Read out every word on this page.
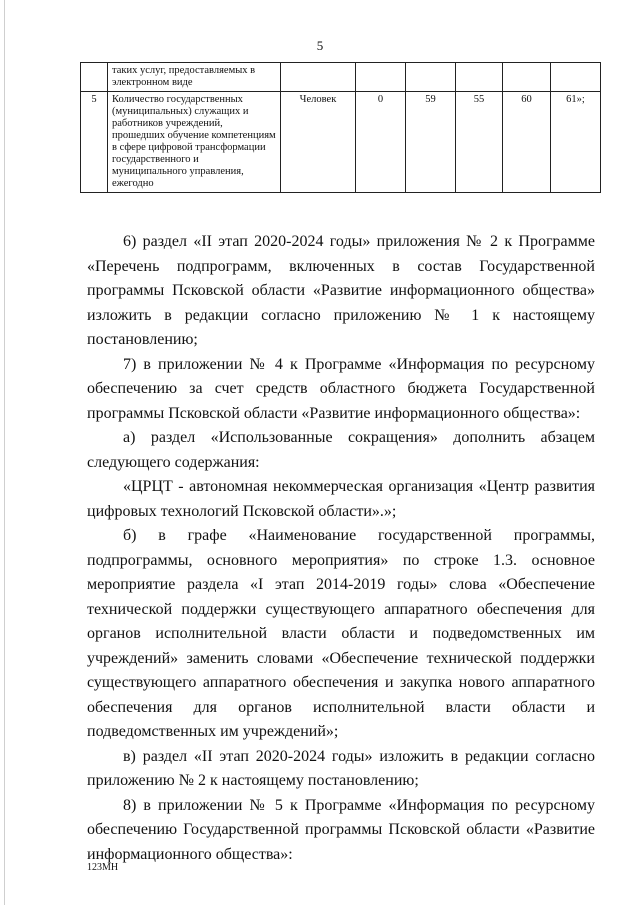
5
	таких услуг, предоставляемых в электронном виде						
5	Количество государственных (муниципальных) служащих и работников учреждений, прошедших обучение компетенциям в сфере цифровой трансформации государственного и муниципального управления, ежегодно	Человек	0	59	55	60	61»;

6) раздел «II этап 2020-2024 годы» приложения № 2 к Программе «Перечень подпрограмм, включенных в состав Государственной программы Псковской области «Развитие информационного общества» изложить в редакции согласно приложению № 1 к настоящему постановлению;

7) в приложении № 4 к Программе «Информация по ресурсному обеспечению за счет средств областного бюджета Государственной программы Псковской области «Развитие информационного общества»:

а) раздел «Использованные сокращения» дополнить абзацем следующего содержания:

«ЦРЦТ - автономная некоммерческая организация «Центр развития цифровых технологий Псковской области».»;

б) в графе «Наименование государственной программы, подпрограммы, основного мероприятия» по строке 1.3. основное мероприятие раздела «I этап 2014-2019 годы» слова «Обеспечение технической поддержки существующего аппаратного обеспечения для органов исполнительной власти области и подведомственных им учреждений» заменить словами «Обеспечение технической поддержки существующего аппаратного обеспечения и закупка нового аппаратного обеспечения для органов исполнительной власти области и подведомственных им учреждений»;

в) раздел «II этап 2020-2024 годы» изложить в редакции согласно приложению № 2 к настоящему постановлению;

8) в приложении № 5 к Программе «Информация по ресурсному обеспечению Государственной программы Псковской области «Развитие информационного общества»:

123МН
